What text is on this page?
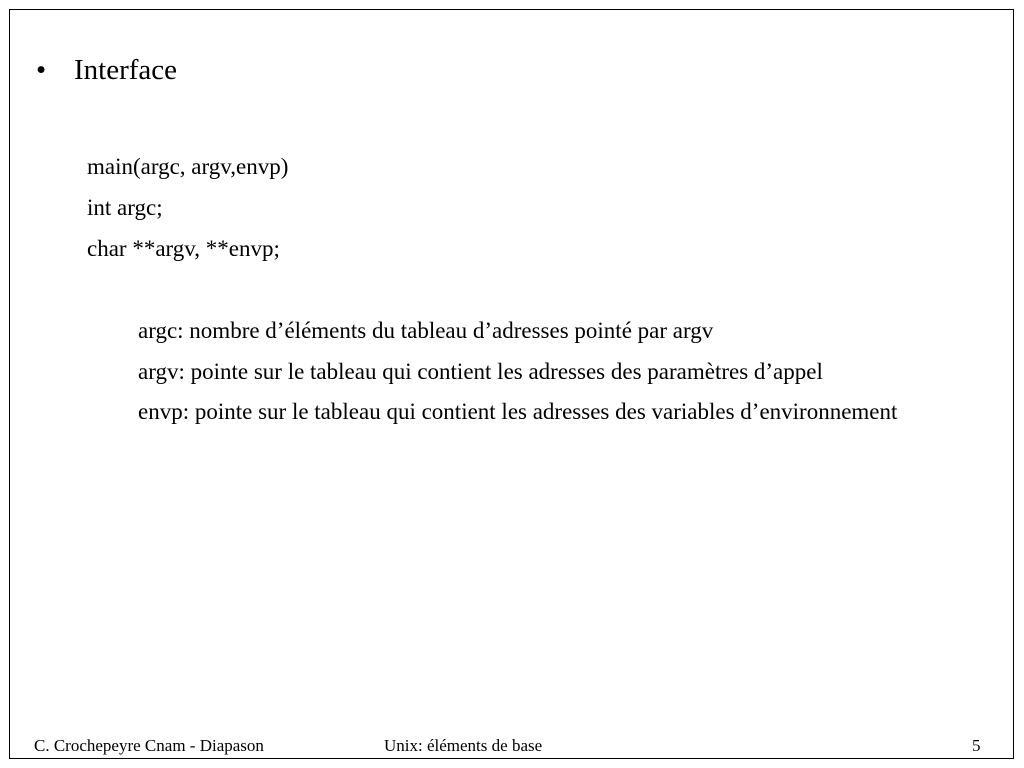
• Interface
main(argc, argv,envp)
int argc;
char **argv, **envp;
argc: nombre d’éléments du tableau d’adresses pointé par argv
argv: pointe sur le tableau qui contient les adresses des paramètres d’appel
envp: pointe sur le tableau qui contient les adresses des variables d’environnement
C. Crochepeyre Cnam - Diapason	Unix: éléments de base	5
